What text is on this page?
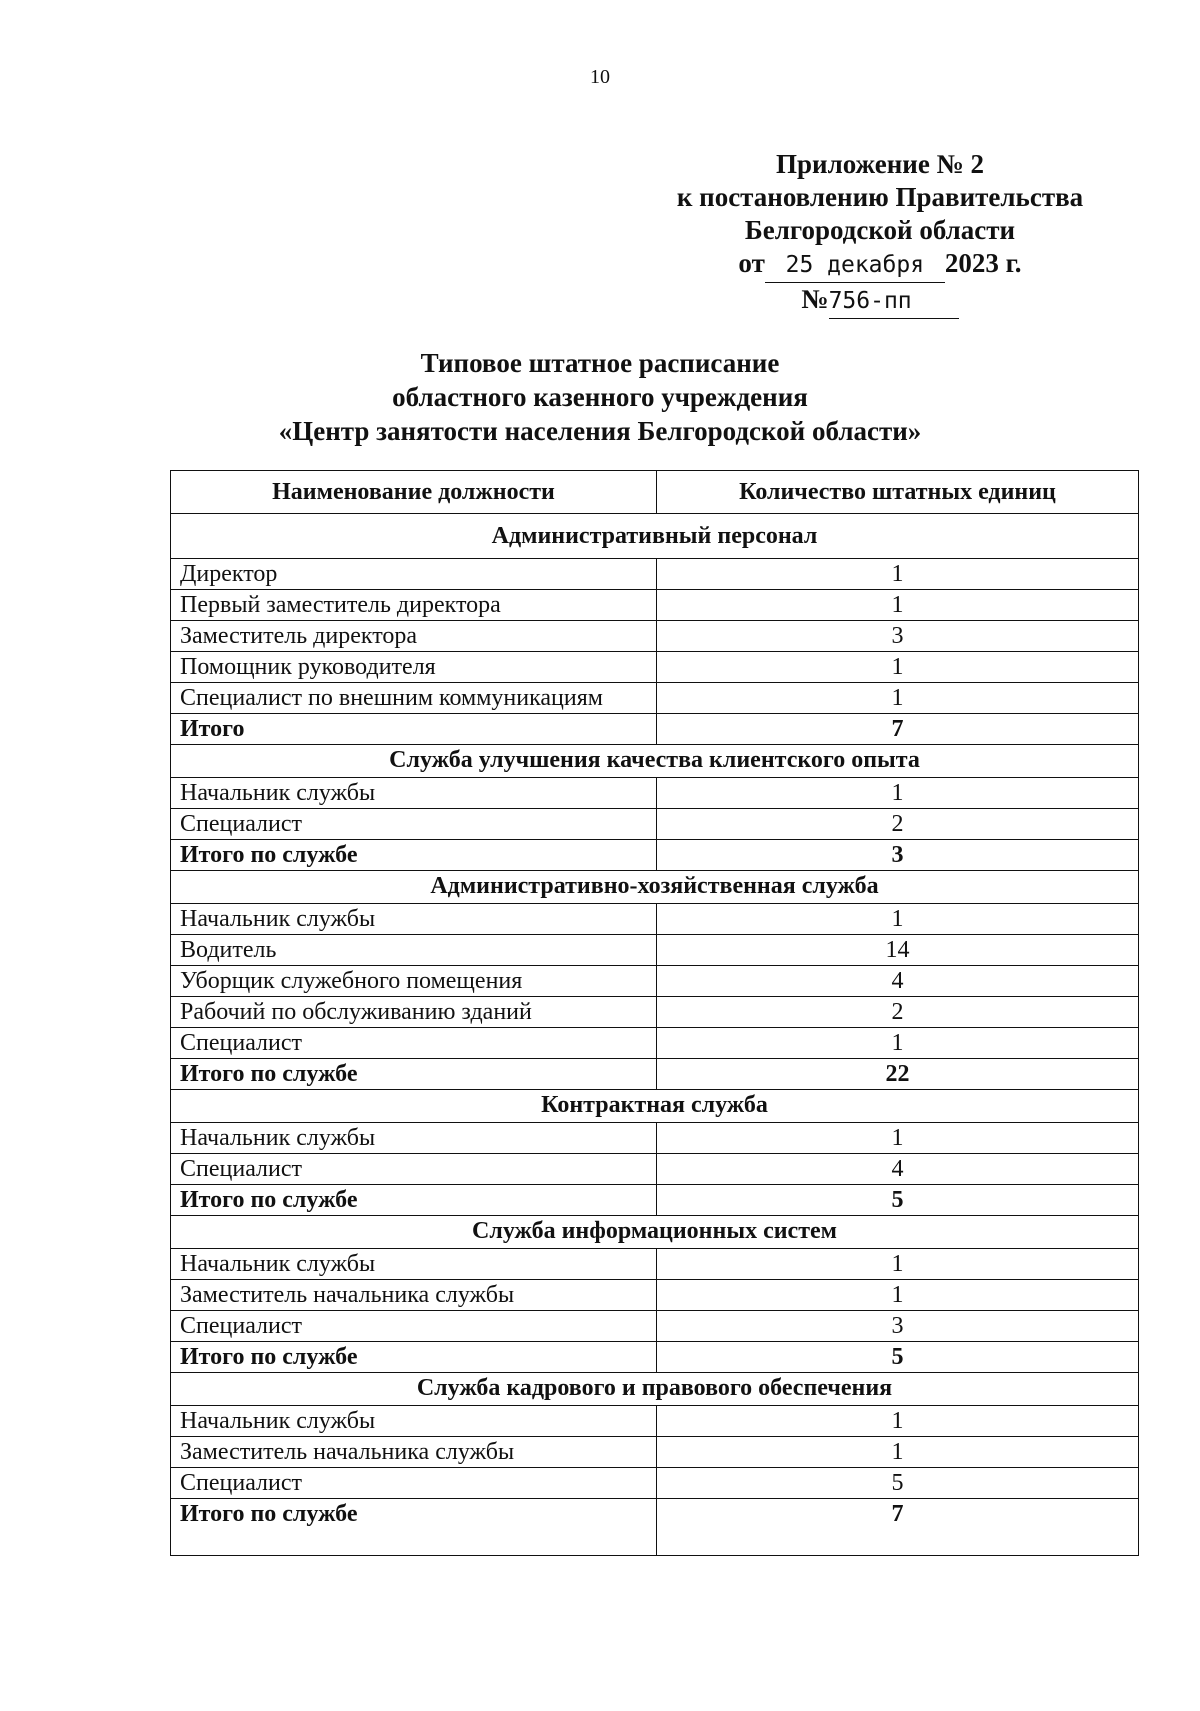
10
Приложение № 2
к постановлению Правительства
Белгородской области
от 25 декабря 2023 г.
№756-пп
Типовое штатное расписание
областного казенного учреждения
«Центр занятости населения Белгородской области»
Наименование должности	Количество штатных единиц
Административный персонал	
Директор	1
Первый заместитель директора	1
Заместитель директора	3
Помощник руководителя	1
Специалист по внешним коммуникациям	1
Итого	7
Служба улучшения качества клиентского опыта	
Начальник службы	1
Специалист	2
Итого по службе	3
Административно-хозяйственная служба	
Начальник службы	1
Водитель	14
Уборщик служебного помещения	4
Рабочий по обслуживанию зданий	2
Специалист	1
Итого по службе	22
Контрактная служба	
Начальник службы	1
Специалист	4
Итого по службе	5
Служба информационных систем	
Начальник службы	1
Заместитель начальника службы	1
Специалист	3
Итого по службе	5
Служба кадрового и правового обеспечения	
Начальник службы	1
Заместитель начальника службы	1
Специалист	5
Итого по службе	7
